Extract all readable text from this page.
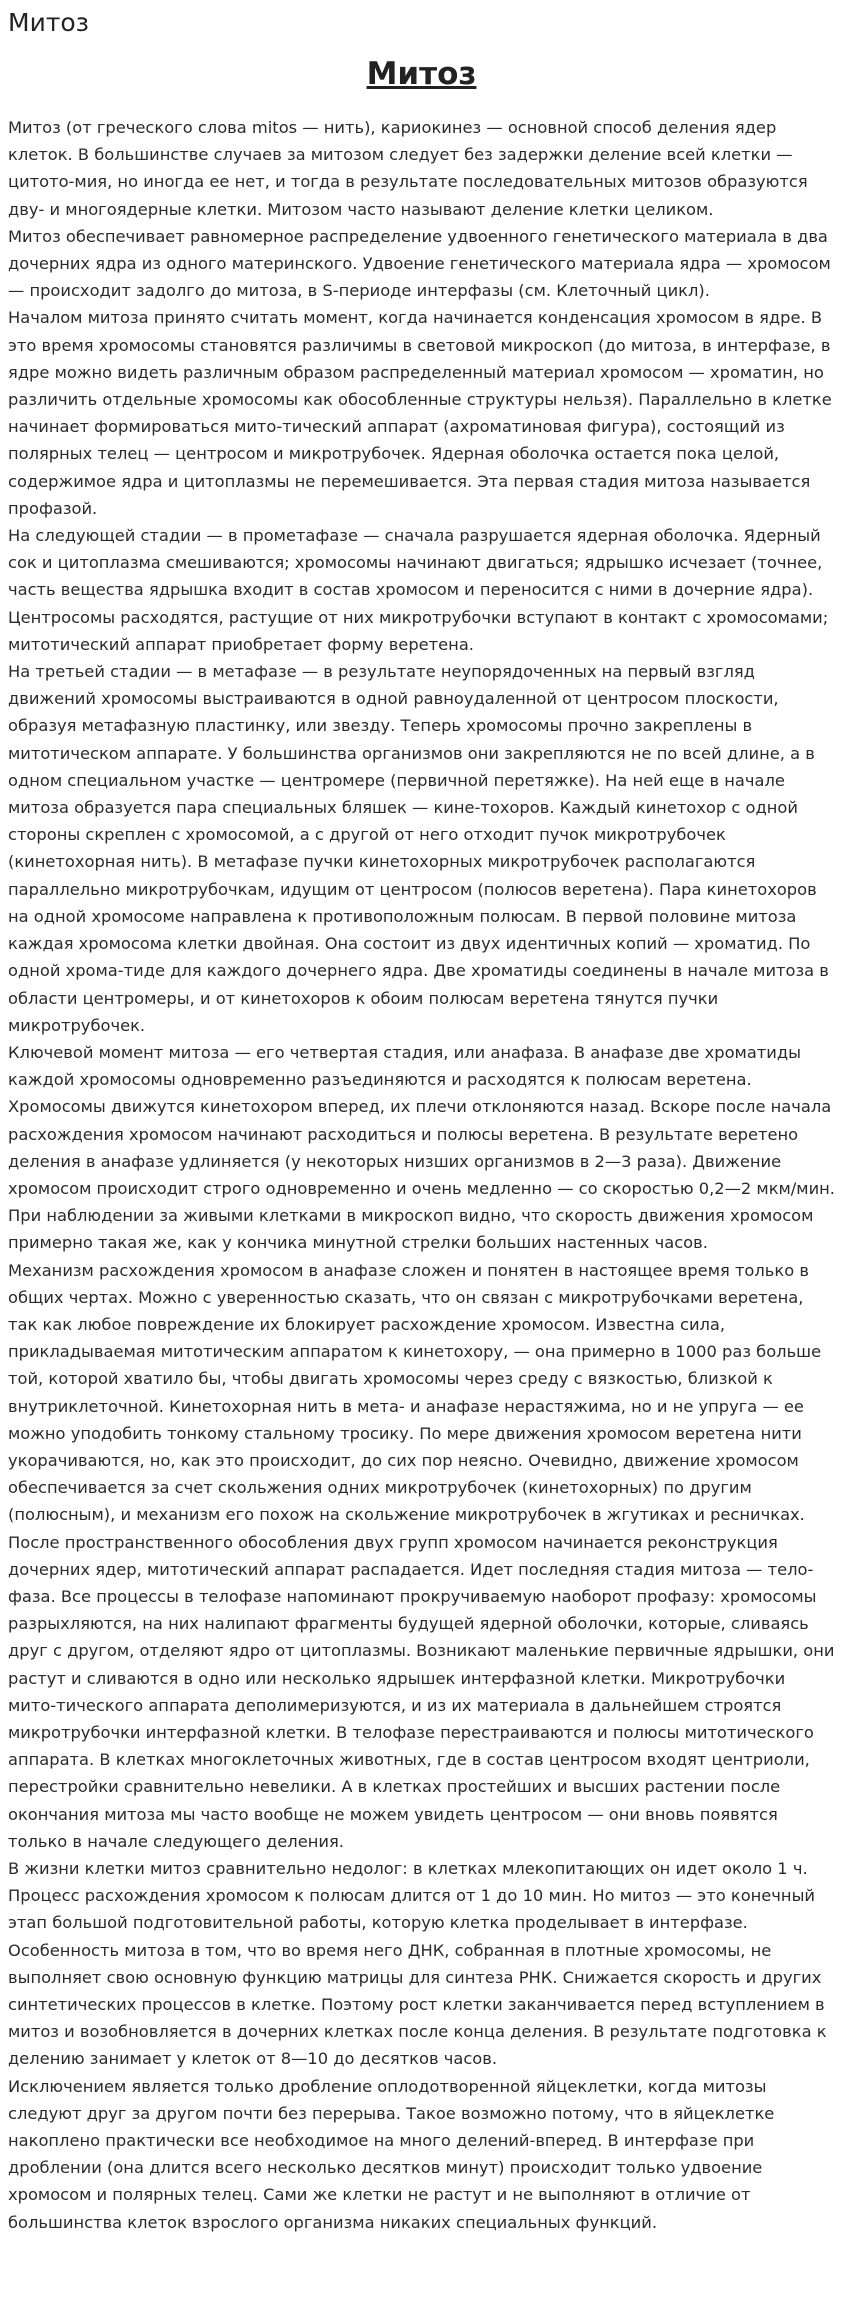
Митоз
Митоз

Митоз (от греческого слова mitos — нить), кариокинез — основной способ деления ядер клеток. В большинстве случаев за митозом следует без задержки деление всей клетки — цитото-мия, но иногда ее нет, и тогда в результате последовательных митозов образуются дву- и многоядерные клетки. Митозом часто называют деление клетки целиком.

Митоз обеспечивает равномерное распределение удвоенного генетического материала в два дочерних ядра из одного материнского. Удвоение генетического материала ядра — хромосом — происходит задолго до митоза, в S-периоде интерфазы (см. Клеточный цикл).

Началом митоза принято считать момент, когда начинается конденсация хромосом в ядре. В это время хромосомы становятся различимы в световой микроскоп (до митоза, в интерфазе, в ядре можно видеть различным образом распределенный материал хромосом — хроматин, но различить отдельные хромосомы как обособленные структуры нельзя). Параллельно в клетке начинает формироваться мито-тический аппарат (ахроматиновая фигура), состоящий из полярных телец — центросом и микротрубочек. Ядерная оболочка остается пока целой, содержимое ядра и цитоплазмы не перемешивается. Эта первая стадия митоза называется профазой.

На следующей стадии — в прометафазе — сначала разрушается ядерная оболочка. Ядерный сок и цитоплазма смешиваются; хромосомы начинают двигаться; ядрышко исчезает (точнее, часть вещества ядрышка входит в состав хромосом и переносится с ними в дочерние ядра). Центросомы расходятся, растущие от них микротрубочки вступают в контакт с хромосомами; митотический аппарат приобретает форму веретена.

На третьей стадии — в метафазе — в результате неупорядоченных на первый взгляд движений хромосомы выстраиваются в одной равноудаленной от центросом плоскости, образуя метафазную пластинку, или звезду. Теперь хромосомы прочно закреплены в митотическом аппарате. У большинства организмов они закрепляются не по всей длине, а в одном специальном участке — центромере (первичной перетяжке). На ней еще в начале митоза образуется пара специальных бляшек — кине-тохоров. Каждый кинетохор с одной стороны скреплен с хромосомой, а с другой от него отходит пучок микротрубочек (кинетохорная нить). В метафазе пучки кинетохорных микротрубочек располагаются параллельно микротрубочкам, идущим от центросом (полюсов веретена). Пара кинетохоров на одной хромосоме направлена к противоположным полюсам. В первой половине митоза каждая хромосома клетки двойная. Она состоит из двух идентичных копий — хроматид. По одной хрома-тиде для каждого дочернего ядра. Две хроматиды соединены в начале митоза в области центромеры, и от кинетохоров к обоим полюсам веретена тянутся пучки микротрубочек.

Ключевой момент митоза — его четвертая стадия, или анафаза. В анафазе две хроматиды каждой хромосомы одновременно разъединяются и расходятся к полюсам веретена. Хромосомы движутся кинетохором вперед, их плечи отклоняются назад. Вскоре после начала расхождения хромосом начинают расходиться и полюсы веретена. В результате веретено деления в анафазе удлиняется (у некоторых низших организмов в 2—3 раза). Движение хромосом происходит строго одновременно и очень медленно — со скоростью 0,2—2 мкм/мин. При наблюдении за живыми клетками в микроскоп видно, что скорость движения хромосом примерно такая же, как у кончика минутной стрелки больших настенных часов.

Механизм расхождения хромосом в анафазе сложен и понятен в настоящее время только в общих чертах. Можно с уверенностью сказать, что он связан с микротрубочками веретена, так как любое повреждение их блокирует расхождение хромосом. Известна сила, прикладываемая митотическим аппаратом к кинетохору, — она примерно в 1000 раз больше той, которой хватило бы, чтобы двигать хромосомы через среду с вязкостью, близкой к внутриклеточной. Кинетохорная нить в мета- и анафазе нерастяжима, но и не упруга — ее можно уподобить тонкому стальному тросику. По мере движения хромосом веретена нити укорачиваются, но, как это происходит, до сих пор неясно. Очевидно, движение хромосом обеспечивается за счет скольжения одних микротрубочек (кинетохорных) по другим (полюсным), и механизм его похож на скольжение микротрубочек в жгутиках и ресничках.

После пространственного обособления двух групп хромосом начинается реконструкция дочерних ядер, митотический аппарат распадается. Идет последняя стадия митоза — тело-фаза. Все процессы в телофазе напоминают прокручиваемую наоборот профазу: хромосомы разрыхляются, на них налипают фрагменты будущей ядерной оболочки, которые, сливаясь друг с другом, отделяют ядро от цитоплазмы. Возникают маленькие первичные ядрышки, они растут и сливаются в одно или несколько ядрышек интерфазной клетки. Микротрубочки мито-тического аппарата деполимеризуются, и из их материала в дальнейшем строятся микротрубочки интерфазной клетки. В телофазе перестраиваются и полюсы митотического аппарата. В клетках многоклеточных животных, где в состав центросом входят центриоли, перестройки сравнительно невелики. А в клетках простейших и высших растении после окончания митоза мы часто вообще не можем увидеть центросом — они вновь появятся только в начале следующего деления.

В жизни клетки митоз сравнительно недолог: в клетках млекопитающих он идет около 1 ч. Процесс расхождения хромосом к полюсам длится от 1 до 10 мин. Но митоз — это конечный этап большой подготовительной работы, которую клетка проделывает в интерфазе. Особенность митоза в том, что во время него ДНК, собранная в плотные хромосомы, не выполняет свою основную функцию матрицы для синтеза РНК. Снижается скорость и других синтетических процессов в клетке. Поэтому рост клетки заканчивается перед вступлением в митоз и возобновляется в дочерних клетках после конца деления. В результате подготовка к делению занимает у клеток от 8—10 до десятков часов.

Исключением является только дробление оплодотворенной яйцеклетки, когда митозы следуют друг за другом почти без перерыва. Такое возможно потому, что в яйцеклетке накоплено практически все необходимое на много делений-вперед. В интерфазе при дроблении (она длится всего несколько десятков минут) происходит только удвоение хромосом и полярных телец. Сами же клетки не растут и не выполняют в отличие от большинства клеток взрослого организма никаких специальных функций.
